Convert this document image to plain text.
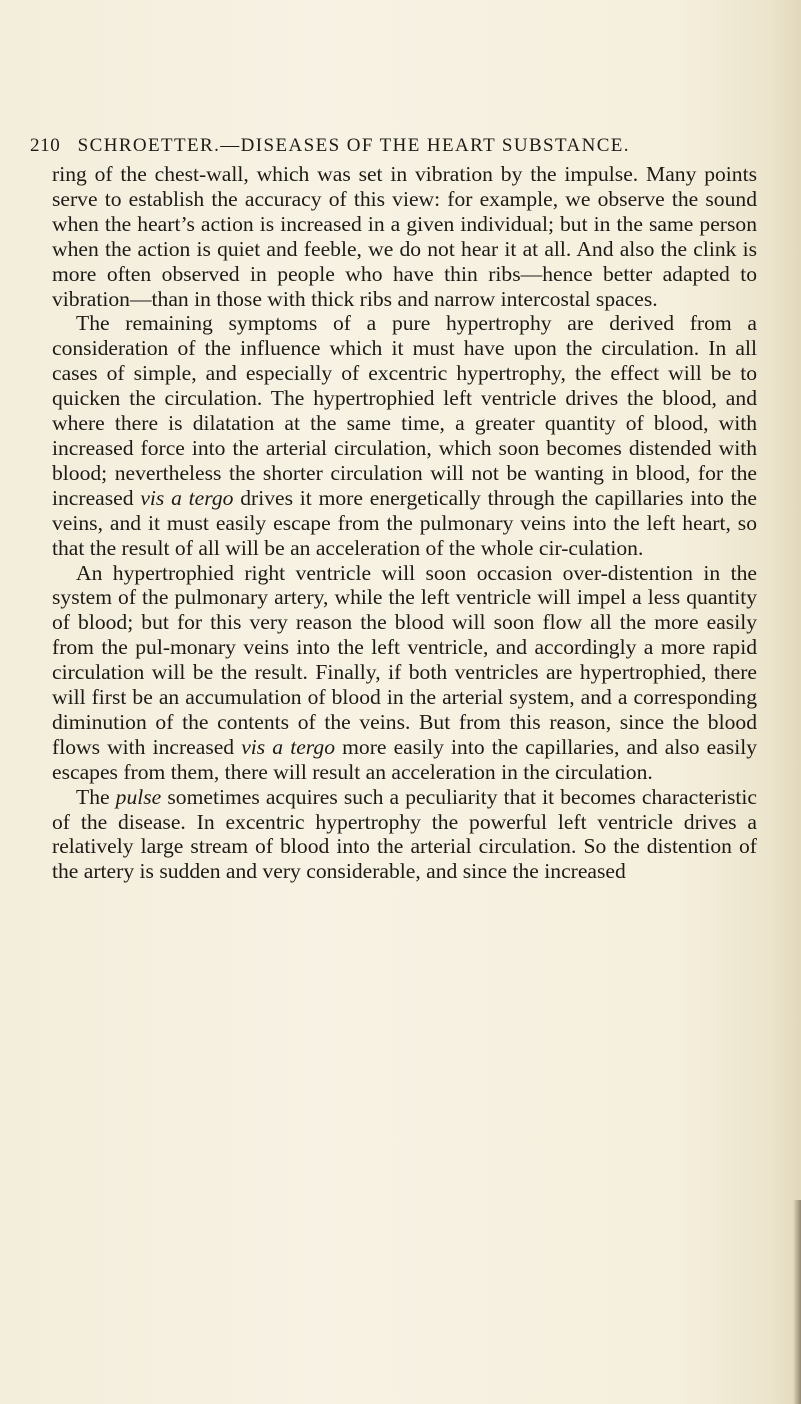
210 SCHROETTER.—DISEASES OF THE HEART SUBSTANCE.

ring of the chest-wall, which was set in vibration by the impulse. Many points serve to establish the accuracy of this view: for example, we observe the sound when the heart’s action is increased in a given individual; but in the same person when the action is quiet and feeble, we do not hear it at all. And also the clink is more often observed in people who have thin ribs—hence better adapted to vibration—than in those with thick ribs and narrow intercostal spaces.

The remaining symptoms of a pure hypertrophy are derived from a consideration of the influence which it must have upon the circulation. In all cases of simple, and especially of excentric hypertrophy, the effect will be to quicken the circulation. The hypertrophied left ventricle drives the blood, and where there is dilatation at the same time, a greater quantity of blood, with increased force into the arterial circulation, which soon becomes distended with blood; nevertheless the shorter circulation will not be wanting in blood, for the increased vis a tergo drives it more energetically through the capillaries into the veins, and it must easily escape from the pulmonary veins into the left heart, so that the result of all will be an acceleration of the whole cir-culation.

An hypertrophied right ventricle will soon occasion over-distention in the system of the pulmonary artery, while the left ventricle will impel a less quantity of blood; but for this very reason the blood will soon flow all the more easily from the pul-monary veins into the left ventricle, and accordingly a more rapid circulation will be the result. Finally, if both ventricles are hypertrophied, there will first be an accumulation of blood in the arterial system, and a corresponding diminution of the contents of the veins. But from this reason, since the blood flows with increased vis a tergo more easily into the capillaries, and also easily escapes from them, there will result an acceleration in the circulation.

The pulse sometimes acquires such a peculiarity that it becomes characteristic of the disease. In excentric hypertrophy the powerful left ventricle drives a relatively large stream of blood into the arterial circulation. So the distention of the artery is sudden and very considerable, and since the increased
